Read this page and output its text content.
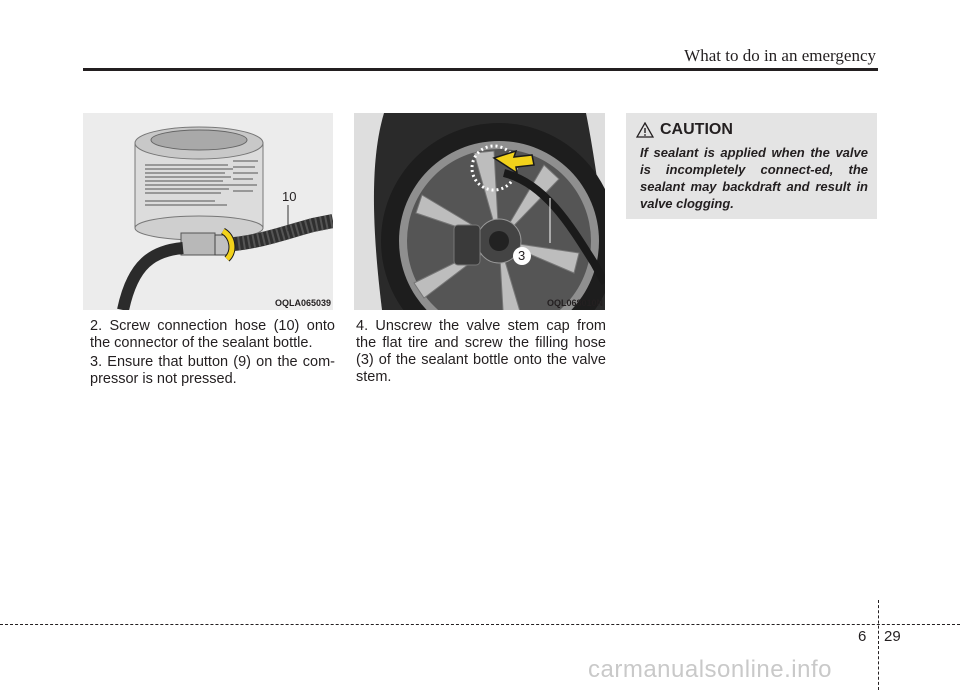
What to do in an emergency
10
OQLA065039
3
OQL068010N
2. Screw connection hose (10) onto the connector of the sealant bottle.
3. Ensure that button (9) on the com-pressor is not pressed.
4. Unscrew the valve stem cap from the flat tire and screw the filling hose (3) of the sealant bottle onto the valve stem.
CAUTION
If sealant is applied when the valve is incompletely connect-ed, the sealant may backdraft and result in valve clogging.
6 29
carmanualsonline.info
